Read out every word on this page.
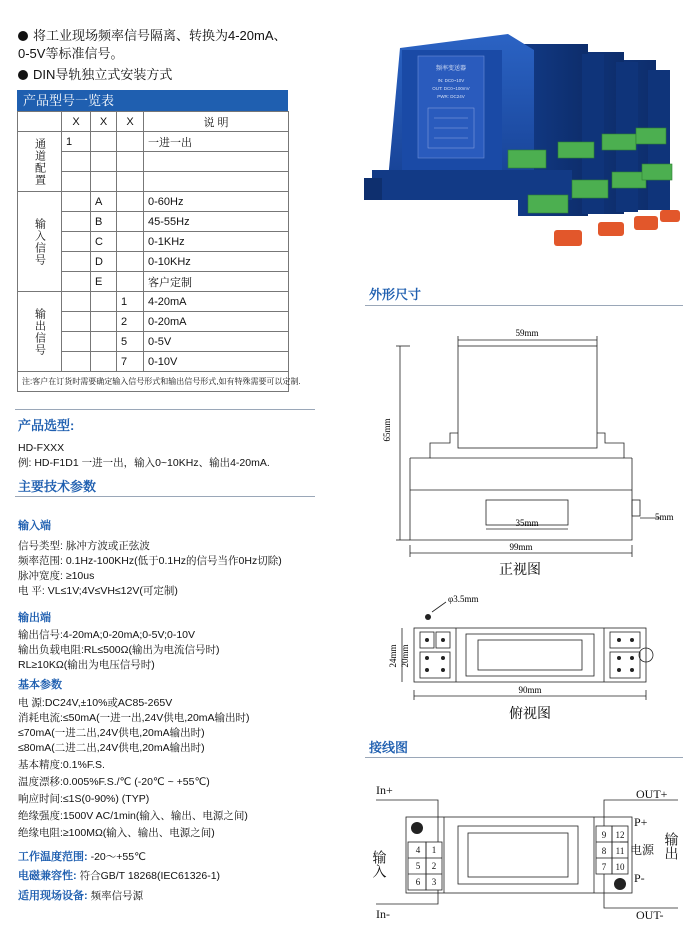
将工业现场频率信号隔离、转换为4-20mA、
0-5V等标准信号。
DIN导轨独立式安装方式
产品型号一览表
	X	X	X	说 明
通道配置	1			一进一出

输入信号		A		0-60Hz
		B		45-55Hz
		C		0-1KHz
		D		0-10KHz
		E		客户定制
输出信号			1	4-20mA
			2	0-20mA
			5	0-5V
			7	0-10V
注:客户在订货时需要确定输入信号形式和输出信号形式,如有特殊需要可以定制.				
产品选型:
HD-FXXX
例: HD-F1D1 一进一出，输入0~10KHz、输出4-20mA.
主要技术参数
输入端
信号类型: 脉冲方波或正弦波
频率范围: 0.1Hz-100KHz(低于0.1Hz的信号当作0Hz切除)
脉冲宽度: ≥10us
电 平: VL≤1V;4V≤VH≤12V(可定制)
输出端
输出信号:4-20mA;0-20mA;0-5V;0-10V
输出负载电阻:RL≤500Ω(输出为电流信号时)
RL≥10KΩ(输出为电压信号时)
基本参数
电 源:DC24V,±10%或AC85-265V
消耗电流:≤50mA(一进一出,24V供电,20mA输出时)
≤70mA(一进二出,24V供电,20mA输出时)
≤80mA(二进二出,24V供电,20mA输出时)
基本精度:0.1%F.S.
温度漂移:0.005%F.S./℃ (-20℃ ~ +55℃)
响应时间:≤1S(0-90%) (TYP)
绝缘强度:1500V AC/1min(输入、输出、电源之间)
绝缘电阻:≥100MΩ(输入、输出、电源之间)
工作温度范围: -20～+55℃
电磁兼容性: 符合GB/T 18268(IEC61326-1)
适用现场设备: 频率信号源
频率变送器
IN: DC0~10V
OUT: DC0~100mV
PWR: DC24V
外形尺寸
59mm
65mm
35mm
5mm
99mm
正视图
φ3.5mm
24mm 20mm
90mm
俯视图
接线图
4
5
6
1
2
3
9
8
7
12
11
10
In+
In-
OUT+
OUT-
P+
P-
电源
输入
输出
